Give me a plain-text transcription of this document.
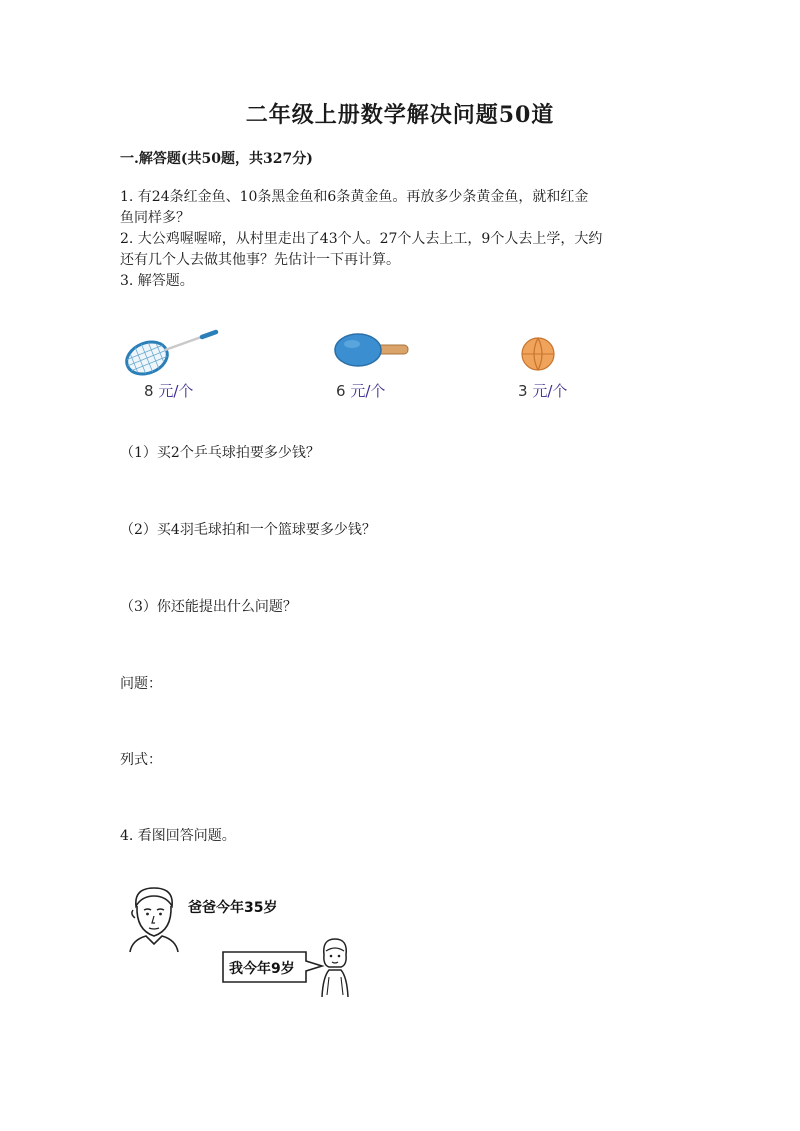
二年级上册数学解决问题50道
一.解答题(共50题，共327分)
1. 有24条红金鱼、10条黑金鱼和6条黄金鱼。再放多少条黄金鱼，就和红金
鱼同样多？
2. 大公鸡喔喔啼，从村里走出了43个人。27个人去上工，9个人去上学，大约
还有几个人去做其他事？先估计一下再计算。
3. 解答题。
8 元/个	6 元/个	3 元/个
（1）买2个乒乓球拍要多少钱？
（2）买4羽毛球拍和一个篮球要多少钱？
（3）你还能提出什么问题？
问题：
列式：
4. 看图回答问题。
爸爸今年35岁
我今年9岁
